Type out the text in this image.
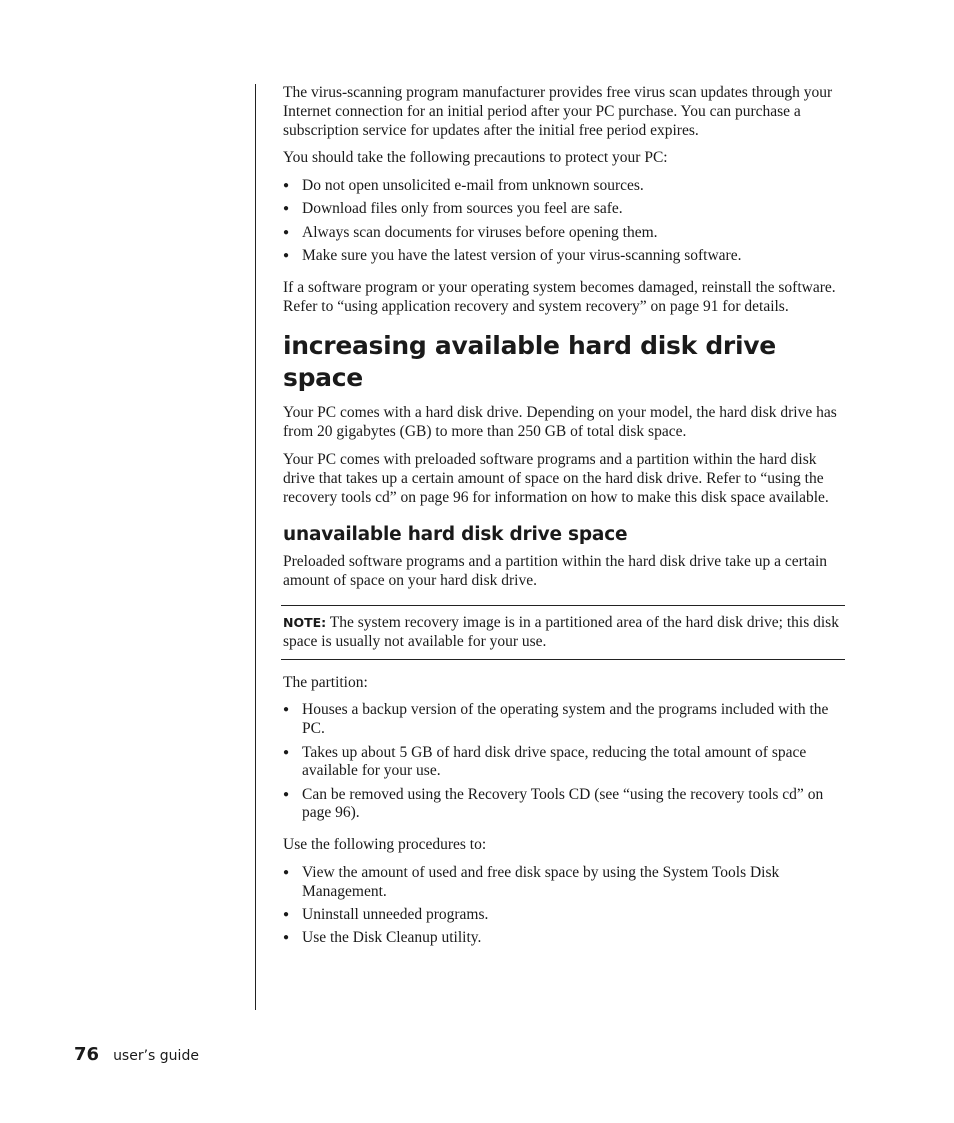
The virus-scanning program manufacturer provides free virus scan updates through your Internet connection for an initial period after your PC purchase. You can purchase a subscription service for updates after the initial free period expires.

You should take the following precautions to protect your PC:

● Do not open unsolicited e-mail from unknown sources.
● Download files only from sources you feel are safe.
● Always scan documents for viruses before opening them.
● Make sure you have the latest version of your virus-scanning software.

If a software program or your operating system becomes damaged, reinstall the software. Refer to “using application recovery and system recovery” on page 91 for details.

increasing available hard disk drive space

Your PC comes with a hard disk drive. Depending on your model, the hard disk drive has from 20 gigabytes (GB) to more than 250 GB of total disk space.

Your PC comes with preloaded software programs and a partition within the hard disk drive that takes up a certain amount of space on the hard disk drive. Refer to “using the recovery tools cd” on page 96 for information on how to make this disk space available.

unavailable hard disk drive space

Preloaded software programs and a partition within the hard disk drive take up a certain amount of space on your hard disk drive.

NOTE: The system recovery image is in a partitioned area of the hard disk drive; this disk space is usually not available for your use.

The partition:

● Houses a backup version of the operating system and the programs included with the PC.
● Takes up about 5 GB of hard disk drive space, reducing the total amount of space available for your use.
● Can be removed using the Recovery Tools CD (see “using the recovery tools cd” on page 96).

Use the following procedures to:

● View the amount of used and free disk space by using the System Tools Disk Management.
● Uninstall unneeded programs.
● Use the Disk Cleanup utility.
76 user’s guide
